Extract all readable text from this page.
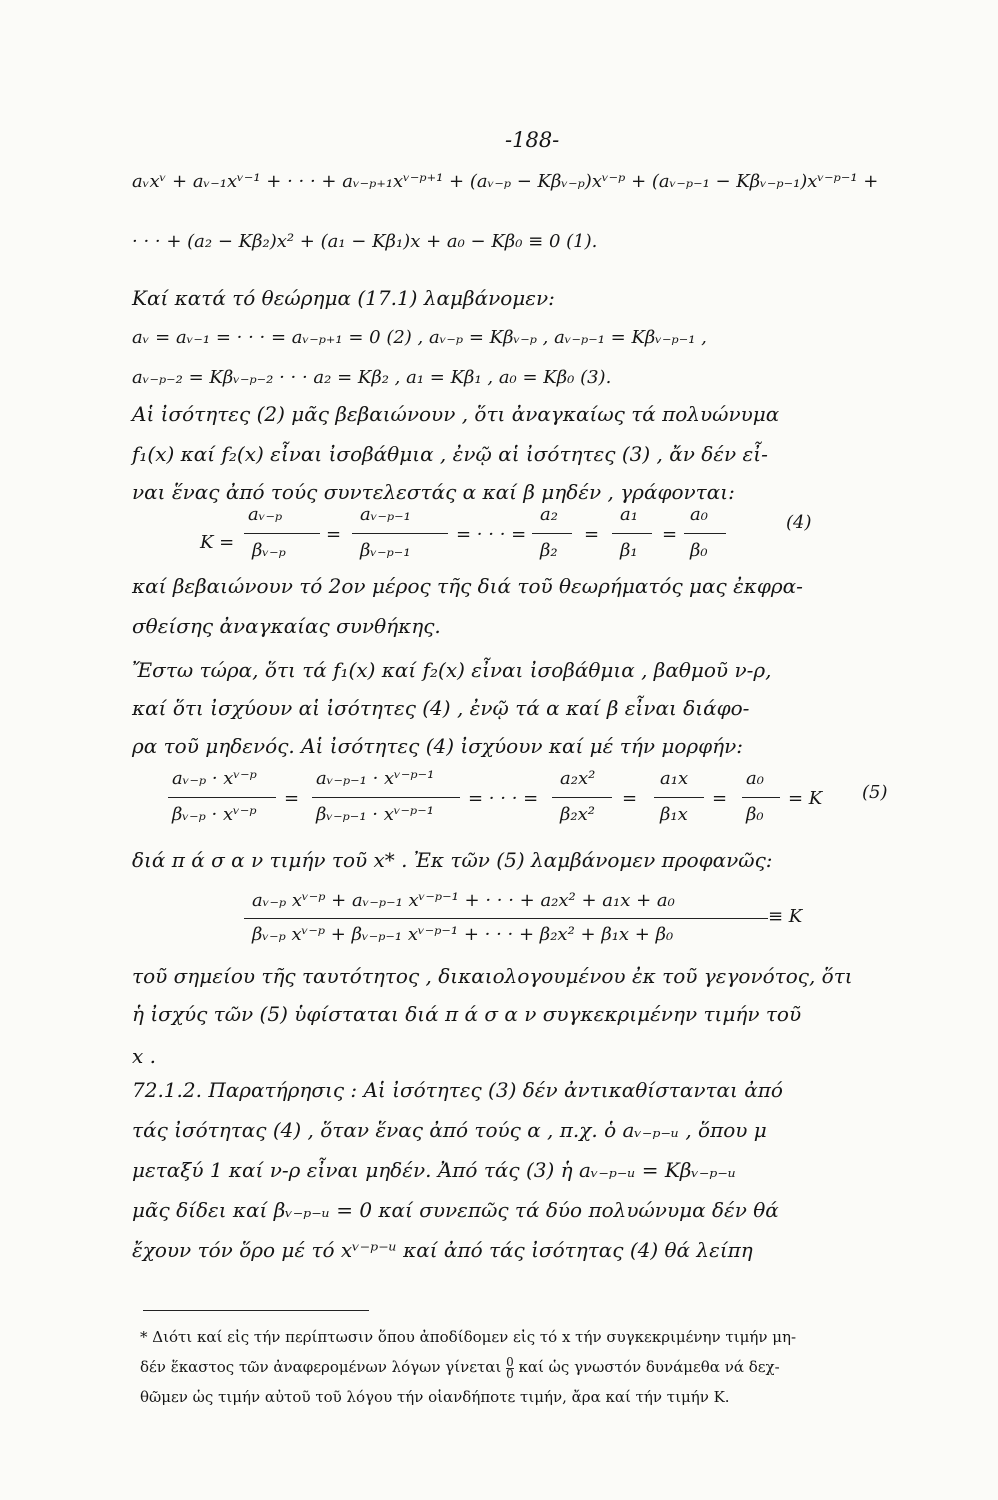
-188-
aᵥxᵛ + aᵥ₋₁xᵛ⁻¹ + · · · + aᵥ₋ₚ₊₁xᵛ⁻ᵖ⁺¹ + (aᵥ₋ₚ − Kβᵥ₋ₚ)xᵛ⁻ᵖ + (aᵥ₋ₚ₋₁ − Kβᵥ₋ₚ₋₁)xᵛ⁻ᵖ⁻¹ +
· · · + (a₂ − Kβ₂)x² + (a₁ − Kβ₁)x + a₀ − Kβ₀ ≡ 0 (1).
Καί κατά τό θεώρημα (17.1) λαμβάνομεν:
aᵥ = aᵥ₋₁ = · · · = aᵥ₋ₚ₊₁ = 0 (2) , aᵥ₋ₚ = Kβᵥ₋ₚ , aᵥ₋ₚ₋₁ = Kβᵥ₋ₚ₋₁ ,
aᵥ₋ₚ₋₂ = Kβᵥ₋ₚ₋₂ · · · a₂ = Kβ₂ , a₁ = Kβ₁ , a₀ = Kβ₀ (3).
Αἱ ἰσότητες (2) μᾶς βεβαιώνουν , ὅτι ἀναγκαίως τά πολυώνυμα
f₁(x) καί f₂(x) εἶναι ἰσοβάθμια , ἐνῷ αἱ ἰσότητες (3) , ἄν δέν εἶ-
ναι ἕνας ἀπό τούς συντελεστάς α καί β μηδέν , γράφονται:
K =
aᵥ₋ₚ
βᵥ₋ₚ
=
aᵥ₋ₚ₋₁
βᵥ₋ₚ₋₁
= · · · =
a₂
β₂
=
a₁
β₁
=
a₀
β₀
(4)
καί βεβαιώνουν τό 2ον μέρος τῆς διά τοῦ θεωρήματός μας ἐκφρα-
σθείσης ἀναγκαίας συνθήκης.
Ἔστω τώρα, ὅτι τά f₁(x) καί f₂(x) εἶναι ἰσοβάθμια , βαθμοῦ ν-ρ,
καί ὅτι ἰσχύουν αἱ ἰσότητες (4) , ἐνῷ τά α καί β εἶναι διάφο-
ρα τοῦ μηδενός. Αἱ ἰσότητες (4) ἰσχύουν καί μέ τήν μορφήν:
aᵥ₋ₚ · xᵛ⁻ᵖ
βᵥ₋ₚ · xᵛ⁻ᵖ
=
aᵥ₋ₚ₋₁ · xᵛ⁻ᵖ⁻¹
βᵥ₋ₚ₋₁ · xᵛ⁻ᵖ⁻¹
= · · · =
a₂x²
β₂x²
=
a₁x
β₁x
=
a₀
β₀
= K (5)
διά π ά σ α ν τιμήν τοῦ x* . Ἐκ τῶν (5) λαμβάνομεν προφανῶς:
aᵥ₋ₚ xᵛ⁻ᵖ + aᵥ₋ₚ₋₁ xᵛ⁻ᵖ⁻¹ + · · · + a₂x² + a₁x + a₀
βᵥ₋ₚ xᵛ⁻ᵖ + βᵥ₋ₚ₋₁ xᵛ⁻ᵖ⁻¹ + · · · + β₂x² + β₁x + β₀
≡ K
τοῦ σημείου τῆς ταυτότητος , δικαιολογουμένου ἐκ τοῦ γεγονότος, ὅτι
ἡ ἰσχύς τῶν (5) ὑφίσταται διά π ά σ α ν συγκεκριμένην τιμήν τοῦ
x .
72.1.2. Παρατήρησις : Αἱ ἰσότητες (3) δέν ἀντικαθίστανται ἀπό
τάς ἰσότητας (4) , ὅταν ἕνας ἀπό τούς α , π.χ. ὁ aᵥ₋ₚ₋ᵤ , ὅπου μ
μεταξύ 1 καί ν-ρ εἶναι μηδέν. Ἀπό τάς (3) ἡ aᵥ₋ₚ₋ᵤ = Kβᵥ₋ₚ₋ᵤ
μᾶς δίδει καί βᵥ₋ₚ₋ᵤ = 0 καί συνεπῶς τά δύο πολυώνυμα δέν θά
ἔχουν τόν ὅρο μέ τό xᵛ⁻ᵖ⁻ᵘ καί ἀπό τάς ἰσότητας (4) θά λείπη
* Διότι καί εἰς τήν περίπτωσιν ὅπου ἀποδίδομεν εἰς τό x τήν συγκεκριμένην τιμήν μη-
δέν ἕκαστος τῶν ἀναφερομένων λόγων γίνεται $\frac{0}{0}$ καί ὡς γνωστόν δυνάμεθα νά δεχ-
θῶμεν ὡς τιμήν αὐτοῦ τοῦ λόγου τήν οἱανδήποτε τιμήν, ἄρα καί τήν τιμήν K.
